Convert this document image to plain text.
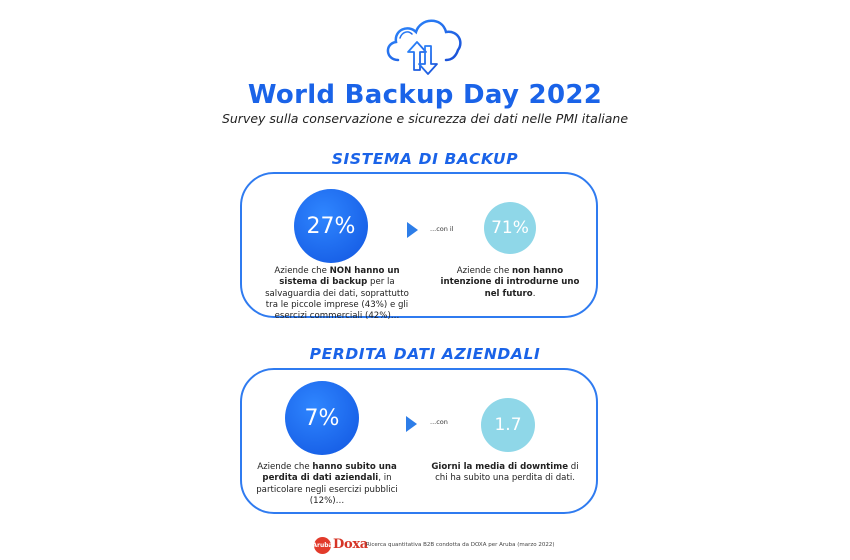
World Backup Day 2022
Survey sulla conservazione e sicurezza dei dati nelle PMI italiane
SISTEMA DI BACKUP
27%	...con il	71%
Aziende che NON hanno un sistema di backup per la salvaguardia dei dati, soprattutto tra le piccole imprese (43%) e gli esercizi commerciali (42%)…
Aziende che non hanno intenzione di introdurne uno nel futuro.
PERDITA DATI AZIENDALI
7%	...con	1.7
Aziende che hanno subito una perdita di dati aziendali, in particolare negli esercizi pubblici (12%)…
Giorni la media di downtime di chi ha subito una perdita di dati.
Aruba Doxa
Ricerca quantitativa B2B condotta da DOXA per Aruba (marzo 2022)
